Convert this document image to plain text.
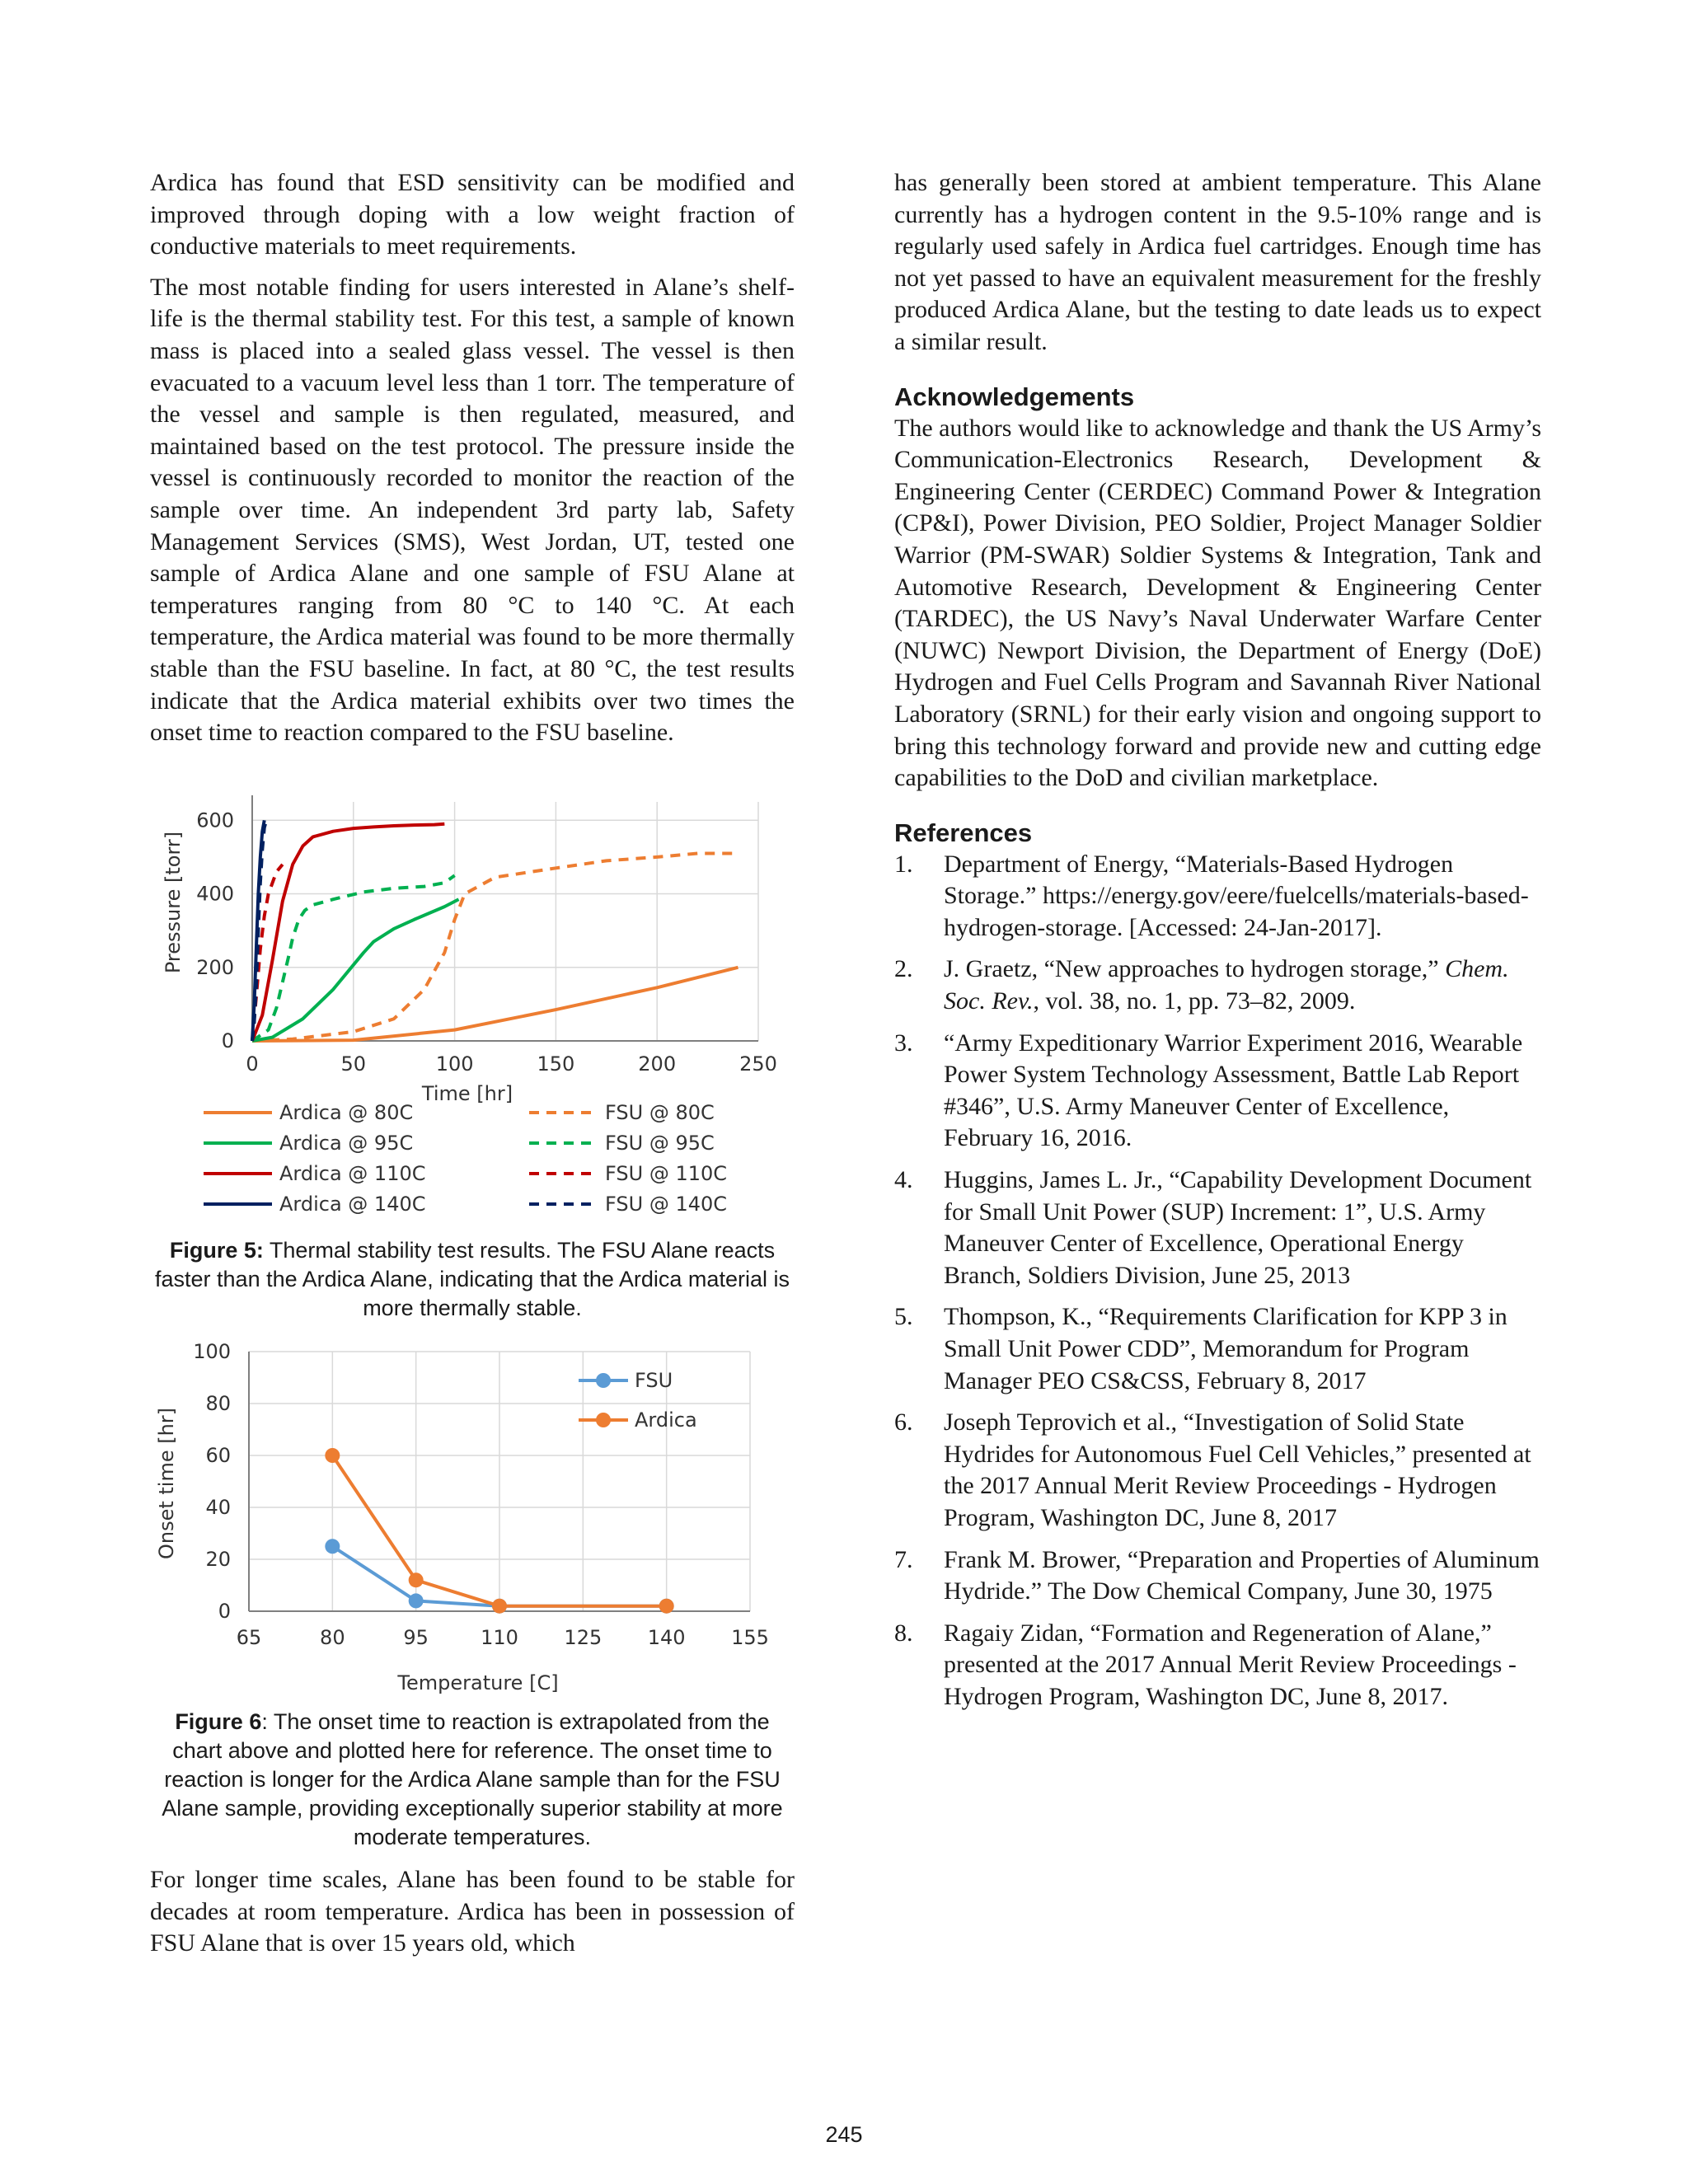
Ardica has found that ESD sensitivity can be modified and improved through doping with a low weight fraction of conductive materials to meet requirements.

The most notable finding for users interested in Alane’s shelf-life is the thermal stability test. For this test, a sample of known mass is placed into a sealed glass vessel. The vessel is then evacuated to a vacuum level less than 1 torr. The temperature of the vessel and sample is then regulated, measured, and maintained based on the test protocol. The pressure inside the vessel is continuously recorded to monitor the reaction of the sample over time. An independent 3rd party lab, Safety Management Services (SMS), West Jordan, UT, tested one sample of Ardica Alane and one sample of FSU Alane at temperatures ranging from 80 °C to 140 °C. At each temperature, the Ardica material was found to be more thermally stable than the FSU baseline. In fact, at 80 °C, the test results indicate that the Ardica material exhibits over two times the onset time to reaction compared to the FSU baseline.

0	50	100	150	200	250
0
200
400
600
Pressure [torr]
Time [hr]
Ardica @ 80C
Ardica @ 95C
Ardica @ 110C
Ardica @ 140C
FSU @ 80C
FSU @ 95C
FSU @ 110C
FSU @ 140C

Figure 5: Thermal stability test results. The FSU Alane reacts faster than the Ardica Alane, indicating that the Ardica material is more thermally stable.

0
20
40
60
80
100
65	80	95	110 125 140 155
Onset time [hr]
Temperature [C]
FSU
Ardica

Figure 6: The onset time to reaction is extrapolated from the chart above and plotted here for reference. The onset time to reaction is longer for the Ardica Alane sample than for the FSU Alane sample, providing exceptionally superior stability at more moderate temperatures.

For longer time scales, Alane has been found to be stable for decades at room temperature. Ardica has been in possession of FSU Alane that is over 15 years old, which

has generally been stored at ambient temperature. This Alane currently has a hydrogen content in the 9.5-10% range and is regularly used safely in Ardica fuel cartridges. Enough time has not yet passed to have an equivalent measurement for the freshly produced Ardica Alane, but the testing to date leads us to expect a similar result.

Acknowledgements

The authors would like to acknowledge and thank the US Army’s Communication-Electronics Research, Development & Engineering Center (CERDEC) Command Power & Integration (CP&I), Power Division, PEO Soldier, Project Manager Soldier Warrior (PM-SWAR) Soldier Systems & Integration, Tank and Automotive Research, Development & Engineering Center (TARDEC), the US Navy’s Naval Underwater Warfare Center (NUWC) Newport Division, the Department of Energy (DoE) Hydrogen and Fuel Cells Program and Savannah River National Laboratory (SRNL) for their early vision and ongoing support to bring this technology forward and provide new and cutting edge capabilities to the DoD and civilian marketplace.

References
1.	Department of Energy, “Materials-Based Hydrogen Storage.” https://energy.gov/eere/fuelcells/materials-based-hydrogen-storage. [Accessed: 24-Jan-2017].
2.	J. Graetz, “New approaches to hydrogen storage,” Chem. Soc. Rev., vol. 38, no. 1, pp. 73–82, 2009.
3.	“Army Expeditionary Warrior Experiment 2016, Wearable Power System Technology Assessment, Battle Lab Report #346”, U.S. Army Maneuver Center of Excellence, February 16, 2016.
4.	Huggins, James L. Jr., “Capability Development Document for Small Unit Power (SUP) Increment: 1”, U.S. Army Maneuver Center of Excellence, Operational Energy Branch, Soldiers Division, June 25, 2013
5.	Thompson, K., “Requirements Clarification for KPP 3 in Small Unit Power CDD”, Memorandum for Program Manager PEO CS&CSS, February 8, 2017
6.	Joseph Teprovich et al., “Investigation of Solid State Hydrides for Autonomous Fuel Cell Vehicles,” presented at the 2017 Annual Merit Review Proceedings - Hydrogen Program, Washington DC, June 8, 2017
7.	Frank M. Brower, “Preparation and Properties of Aluminum Hydride.” The Dow Chemical Company, June 30, 1975
8.	Ragaiy Zidan, “Formation and Regeneration of Alane,” presented at the 2017 Annual Merit Review Proceedings - Hydrogen Program, Washington DC, June 8, 2017.
245
